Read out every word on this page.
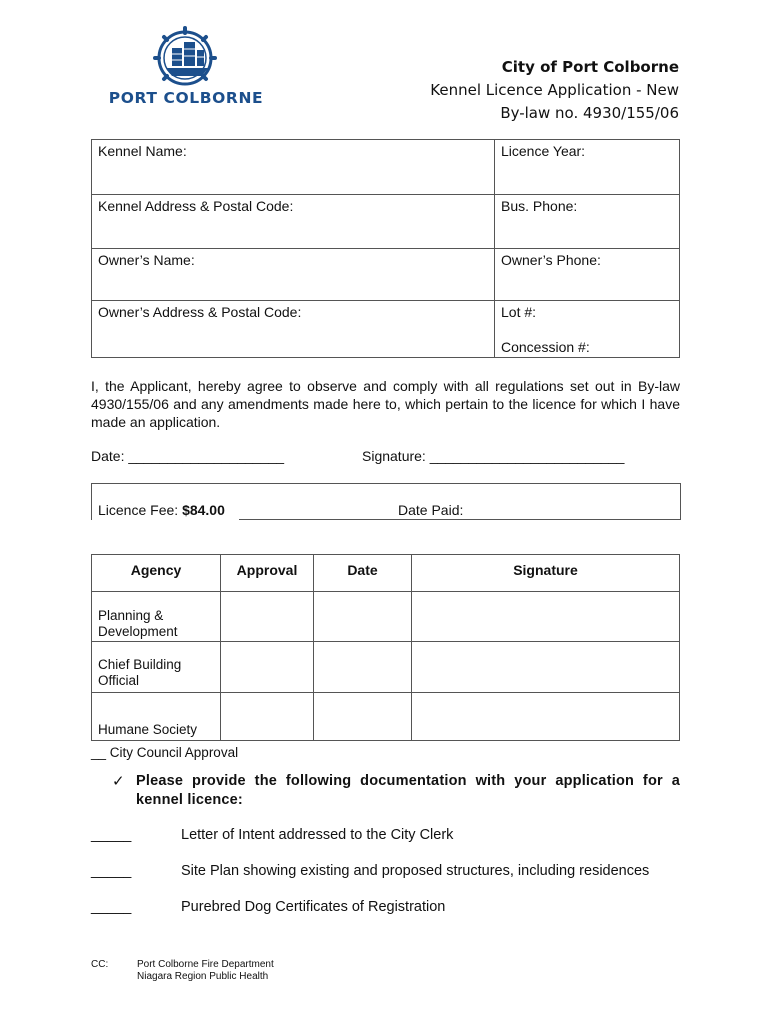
PORT COLBORNE
City of Port Colborne
Kennel Licence Application - New
By-law no. 4930/155/06
Kennel Name:	Licence Year:

Kennel Address & Postal Code:	Bus. Phone:

Owner’s Name:	Owner’s Phone:

Owner’s Address & Postal Code:	Lot #:
Concession #:
I, the Applicant, hereby agree to observe and comply with all regulations set out in By-law 4930/155/06 and any amendments made here to, which pertain to the licence for which I have made an application.
Date: ____________________	Signature: _________________________
Licence Fee: $84.00	Date Paid:
Agency	Approval	Date	Signature

Planning & Development			

Chief Building Official			

Humane Society			

__ City Council Approval
✓ Please provide the following documentation with your application for a kennel licence:
_____	Letter of Intent addressed to the City Clerk
_____	Site Plan showing existing and proposed structures, including residences
_____	Purebred Dog Certificates of Registration
CC:	Port Colborne Fire Department
Niagara Region Public Health
